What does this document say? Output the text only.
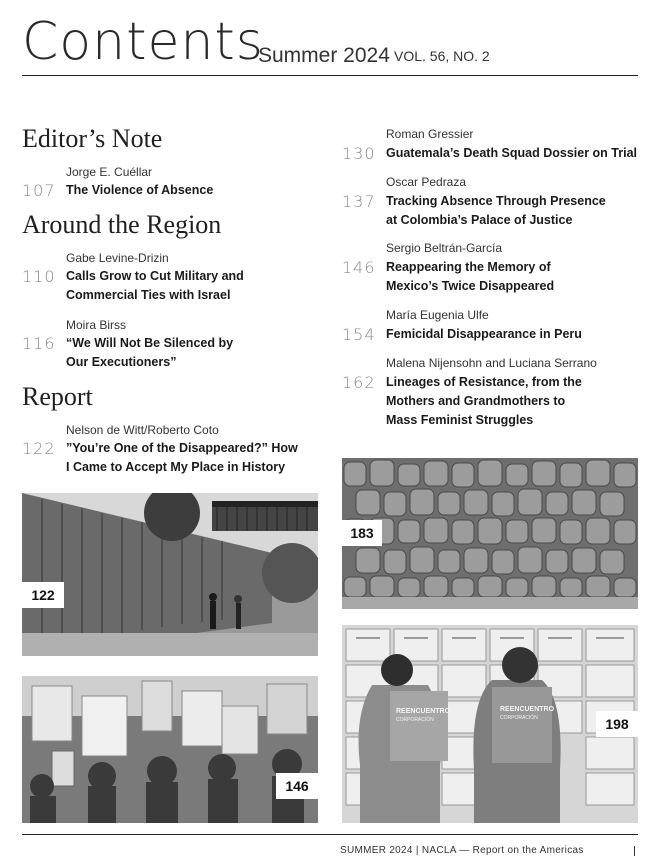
Contents
Summer 2024 VOL. 56, NO. 2
Editor’s Note
Jorge E. Cuéllar
107 The Violence of Absence
Around the Region
Gabe Levine-Drizin
110 Calls Grow to Cut Military and
Commercial Ties with Israel
Moira Birss
116 “We Will Not Be Silenced by
Our Executioners”
Report
Nelson de Witt/Roberto Coto
122 ”You’re One of the Disappeared?” How
I Came to Accept My Place in History
Roman Gressier
130 Guatemala’s Death Squad Dossier on Trial
Oscar Pedraza
137 Tracking Absence Through Presence
at Colombia’s Palace of Justice
Sergio Beltrán-García
146 Reappearing the Memory of
Mexico’s Twice Disappeared
María Eugenia Ulfe
154 Femicidal Disappearance in Peru
Malena Nijensohn and Luciana Serrano
162 Lineages of Resistance, from the
Mothers and Grandmothers to
Mass Feminist Struggles
122
146
183
REENCUENTRO
CORPORACIÓN
REENCUENTRO
CORPORACIÓN	198
SUMMER 2024 | NACLA — Report on the Americas
